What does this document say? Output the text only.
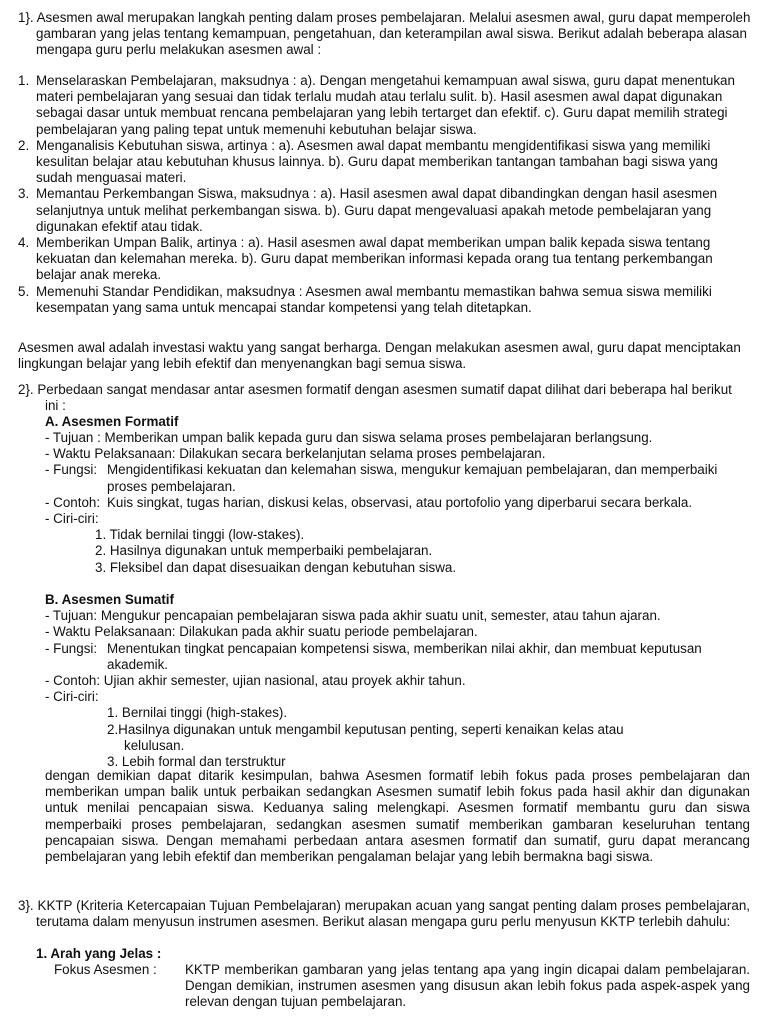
1}. Asesmen awal merupakan langkah penting dalam proses pembelajaran. Melalui asesmen awal, guru dapat memperoleh gambaran yang jelas tentang kemampuan, pengetahuan, dan keterampilan awal siswa. Berikut adalah beberapa alasan mengapa guru perlu melakukan asesmen awal :

1. Menselaraskan Pembelajaran, maksudnya : a). Dengan mengetahui kemampuan awal siswa, guru dapat menentukan materi pembelajaran yang sesuai dan tidak terlalu mudah atau terlalu sulit. b). Hasil asesmen awal dapat digunakan sebagai dasar untuk membuat rencana pembelajaran yang lebih tertarget dan efektif. c). Guru dapat memilih strategi pembelajaran yang paling tepat untuk memenuhi kebutuhan belajar siswa.
2. Menganalisis Kebutuhan siswa, artinya : a). Asesmen awal dapat membantu mengidentifikasi siswa yang memiliki kesulitan belajar atau kebutuhan khusus lainnya. b). Guru dapat memberikan tantangan tambahan bagi siswa yang sudah menguasai materi.
3. Memantau Perkembangan Siswa, maksudnya : a). Hasil asesmen awal dapat dibandingkan dengan hasil asesmen selanjutnya untuk melihat perkembangan siswa. b). Guru dapat mengevaluasi apakah metode pembelajaran yang digunakan efektif atau tidak.
4. Memberikan Umpan Balik, artinya : a). Hasil asesmen awal dapat memberikan umpan balik kepada siswa tentang kekuatan dan kelemahan mereka. b). Guru dapat memberikan informasi kepada orang tua tentang perkembangan belajar anak mereka.
5. Memenuhi Standar Pendidikan, maksudnya : Asesmen awal membantu memastikan bahwa semua siswa memiliki kesempatan yang sama untuk mencapai standar kompetensi yang telah ditetapkan.

Asesmen awal adalah investasi waktu yang sangat berharga. Dengan melakukan asesmen awal, guru dapat menciptakan lingkungan belajar yang lebih efektif dan menyenangkan bagi semua siswa.

2}. Perbedaan sangat mendasar antar asesmen formatif dengan asesmen sumatif dapat dilihat dari beberapa hal berikut ini :

A. Asesmen Formatif
- Tujuan : Memberikan umpan balik kepada guru dan siswa selama proses pembelajaran berlangsung.
- Waktu Pelaksanaan: Dilakukan secara berkelanjutan selama proses pembelajaran.
- Fungsi: Mengidentifikasi kekuatan dan kelemahan siswa, mengukur kemajuan pembelajaran, dan memperbaiki proses pembelajaran.
- Contoh: Kuis singkat, tugas harian, diskusi kelas, observasi, atau portofolio yang diperbarui secara berkala.
- Ciri-ciri:
1. Tidak bernilai tinggi (low-stakes).
2. Hasilnya digunakan untuk memperbaiki pembelajaran.
3. Fleksibel dan dapat disesuaikan dengan kebutuhan siswa.
B. Asesmen Sumatif
- Tujuan: Mengukur pencapaian pembelajaran siswa pada akhir suatu unit, semester, atau tahun ajaran.
- Waktu Pelaksanaan: Dilakukan pada akhir suatu periode pembelajaran.
- Fungsi: Menentukan tingkat pencapaian kompetensi siswa, memberikan nilai akhir, dan membuat keputusan akademik.
- Contoh: Ujian akhir semester, ujian nasional, atau proyek akhir tahun.
- Ciri-ciri:
1. Bernilai tinggi (high-stakes).
2.Hasilnya digunakan untuk mengambil keputusan penting, seperti kenaikan kelas atau kelulusan.
3. Lebih formal dan terstruktur

dengan demikian dapat ditarik kesimpulan, bahwa Asesmen formatif lebih fokus pada proses pembelajaran dan memberikan umpan balik untuk perbaikan sedangkan Asesmen sumatif lebih fokus pada hasil akhir dan digunakan untuk menilai pencapaian siswa. Keduanya saling melengkapi. Asesmen formatif membantu guru dan siswa memperbaiki proses pembelajaran, sedangkan asesmen sumatif memberikan gambaran keseluruhan tentang pencapaian siswa. Dengan memahami perbedaan antara asesmen formatif dan sumatif, guru dapat merancang pembelajaran yang lebih efektif dan memberikan pengalaman belajar yang lebih bermakna bagi siswa.

3}. KKTP (Kriteria Ketercapaian Tujuan Pembelajaran) merupakan acuan yang sangat penting dalam proses pembelajaran, terutama dalam menyusun instrumen asesmen. Berikut alasan mengapa guru perlu menyusun KKTP terlebih dahulu:

1. Arah yang Jelas :
Fokus Asesmen : KKTP memberikan gambaran yang jelas tentang apa yang ingin dicapai dalam pembelajaran. Dengan demikian, instrumen asesmen yang disusun akan lebih fokus pada aspek-aspek yang relevan dengan tujuan pembelajaran.
